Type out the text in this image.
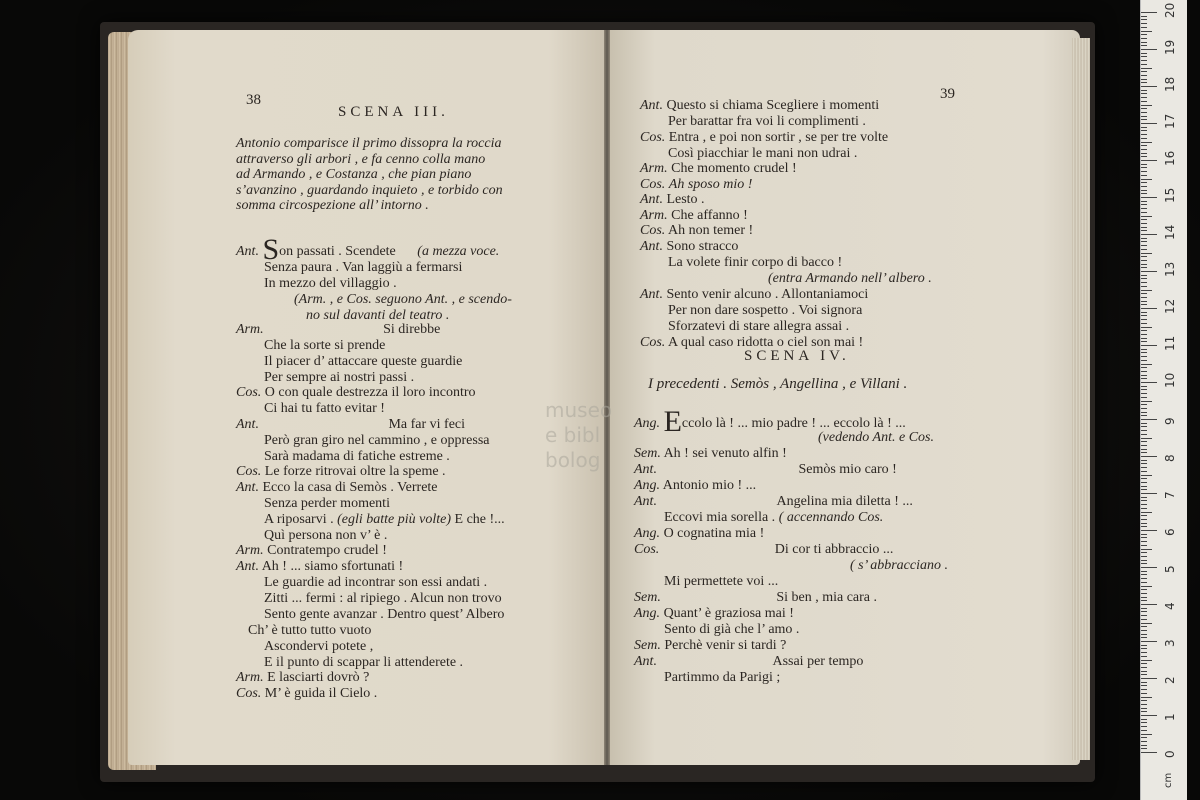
38
SCENA III.
Antonio comparisce il primo dissopra la roccia
attraverso gli arbori , e fa cenno colla mano
ad Armando , e Costanza , che pian piano
s’avanzino , guardando inquieto , e torbido con
somma circospezione all’ intorno .
Ant. Son passati . Scendete (a mezza voce.
Senza paura . Van laggiù a fermarsi
In mezzo del villaggio .
(Arm. , e Cos. seguono Ant. , e scendo-
no sul davanti del teatro .
Arm.	Si direbbe
Che la sorte si prende
Il piacer d’ attaccare queste guardie
Per sempre ai nostri passi .
Cos. O con quale destrezza il loro incontro
Ci hai tu fatto evitar !
Ant.	Ma far vi feci
Però gran giro nel cammino , e oppressa
Sarà madama di fatiche estreme .
Cos. Le forze ritrovai oltre la speme .
Ant. Ecco la casa di Semòs . Verrete
Senza perder momenti
A riposarvi . (egli batte più volte) E che !...
Quì persona non v’ è .
Arm. Contratempo crudel !
Ant. Ah ! ... siamo sfortunati !
Le guardie ad incontrar son essi andati .
Zitti ... fermi : al ripiego . Alcun non trovo
Sento gente avanzar . Dentro quest’ Albero
Ch’ è tutto tutto vuoto
Ascondervi potete ,
E il punto di scappar li attenderete .
Arm. E lasciarti dovrò ?
Cos. M’ è guida il Cielo .
39
Ant. Questo si chiama Scegliere i momenti
Per barattar fra voi li complimenti .
Cos. Entra , e poi non sortir , se per tre volte
Così piacchiar le mani non udrai .
Arm. Che momento crudel !
Cos. Ah sposo mio !
Ant. Lesto .
Arm. Che affanno !
Cos. Ah non temer !
Ant. Sono stracco
La volete finir corpo di bacco !
(entra Armando nell’ albero .
Ant. Sento venir alcuno . Allontaniamoci
Per non dare sospetto . Voi signora
Sforzatevi di stare allegra assai .
Cos. A qual caso ridotta o ciel son mai !
SCENA IV.
I precedenti . Semòs , Angellina , e Villani .
Ang. Eccolo là ! ... mio padre ! ... eccolo là ! ...
(vedendo Ant. e Cos.
Sem. Ah ! sei venuto alfin !
Ant.	Semòs mio caro !
Ang. Antonio mio ! ...
Ant.	Angelina mia diletta ! ...
Eccovi mia sorella . ( accennando Cos.
Ang. O cognatina mia !
Cos.	Di cor ti abbraccio ...
( s’ abbracciano .
Mi permettete voi ...
Sem.	Si ben , mia cara .
Ang. Quant’ è graziosa mai !
Sento di già che l’ amo .
Sem. Perchè venir si tardi ?
Ant.	Assai per tempo
Partimmo da Parigi ;
museo
e bibl
bolog
20
19
18
17
16
15
14
13
12
11
10
9
8
7
6
5
4
3
2
1
0
cm
